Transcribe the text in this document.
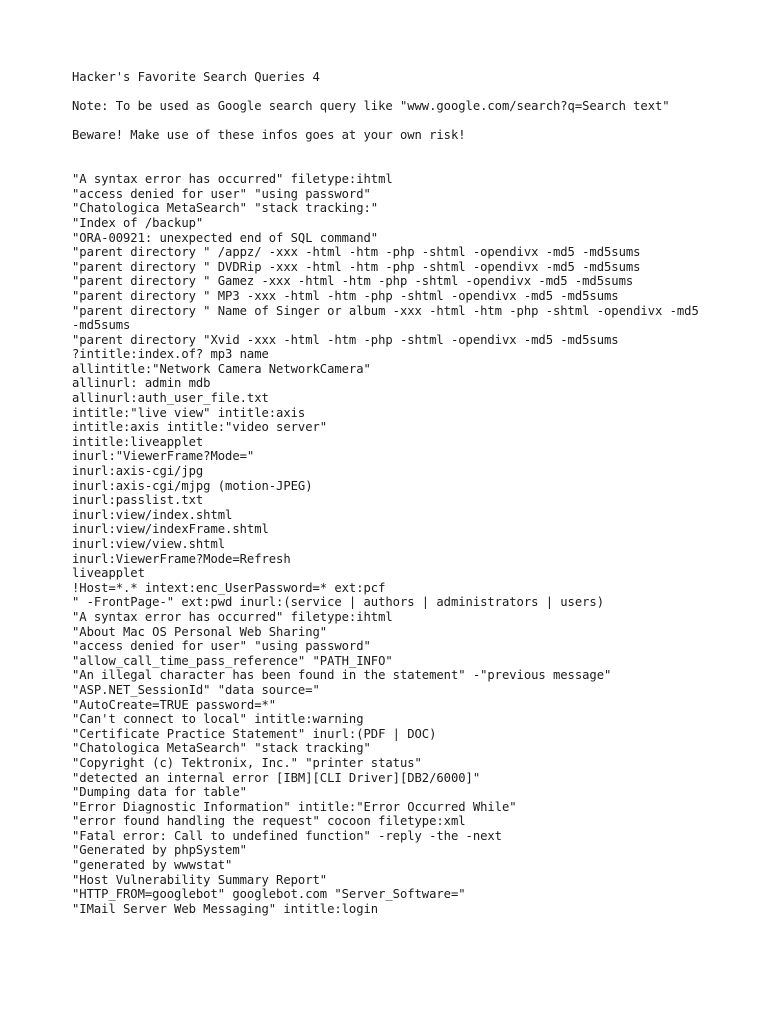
Hacker's Favorite Search Queries 4
Note: To be used as Google search query like "www.google.com/search?q=Search text"
Beware! Make use of these infos goes at your own risk!
"A syntax error has occurred" filetype:ihtml
"access denied for user" "using password"
"Chatologica MetaSearch" "stack tracking:"
"Index of /backup"
"ORA-00921: unexpected end of SQL command"
"parent directory " /appz/ -xxx -html -htm -php -shtml -opendivx -md5 -md5sums
"parent directory " DVDRip -xxx -html -htm -php -shtml -opendivx -md5 -md5sums
"parent directory " Gamez -xxx -html -htm -php -shtml -opendivx -md5 -md5sums
"parent directory " MP3 -xxx -html -htm -php -shtml -opendivx -md5 -md5sums
"parent directory " Name of Singer or album -xxx -html -htm -php -shtml -opendivx -md5 -md5sums
"parent directory "Xvid -xxx -html -htm -php -shtml -opendivx -md5 -md5sums
?intitle:index.of? mp3 name
allintitle:"Network Camera NetworkCamera"
allinurl: admin mdb
allinurl:auth_user_file.txt
intitle:"live view" intitle:axis
intitle:axis intitle:"video server"
intitle:liveapplet
inurl:"ViewerFrame?Mode="
inurl:axis-cgi/jpg
inurl:axis-cgi/mjpg (motion-JPEG)
inurl:passlist.txt
inurl:view/index.shtml
inurl:view/indexFrame.shtml
inurl:view/view.shtml
inurl:ViewerFrame?Mode=Refresh
liveapplet
!Host=*.* intext:enc_UserPassword=* ext:pcf
" -FrontPage-" ext:pwd inurl:(service | authors | administrators | users)
"A syntax error has occurred" filetype:ihtml
"About Mac OS Personal Web Sharing"
"access denied for user" "using password"
"allow_call_time_pass_reference" "PATH_INFO"
"An illegal character has been found in the statement" -"previous message"
"ASP.NET_SessionId" "data source="
"AutoCreate=TRUE password=*"
"Can't connect to local" intitle:warning
"Certificate Practice Statement" inurl:(PDF | DOC)
"Chatologica MetaSearch" "stack tracking"
"Copyright (c) Tektronix, Inc." "printer status"
"detected an internal error [IBM][CLI Driver][DB2/6000]"
"Dumping data for table"
"Error Diagnostic Information" intitle:"Error Occurred While"
"error found handling the request" cocoon filetype:xml
"Fatal error: Call to undefined function" -reply -the -next
"Generated by phpSystem"
"generated by wwwstat"
"Host Vulnerability Summary Report"
"HTTP_FROM=googlebot" googlebot.com "Server_Software="
"IMail Server Web Messaging" intitle:login
